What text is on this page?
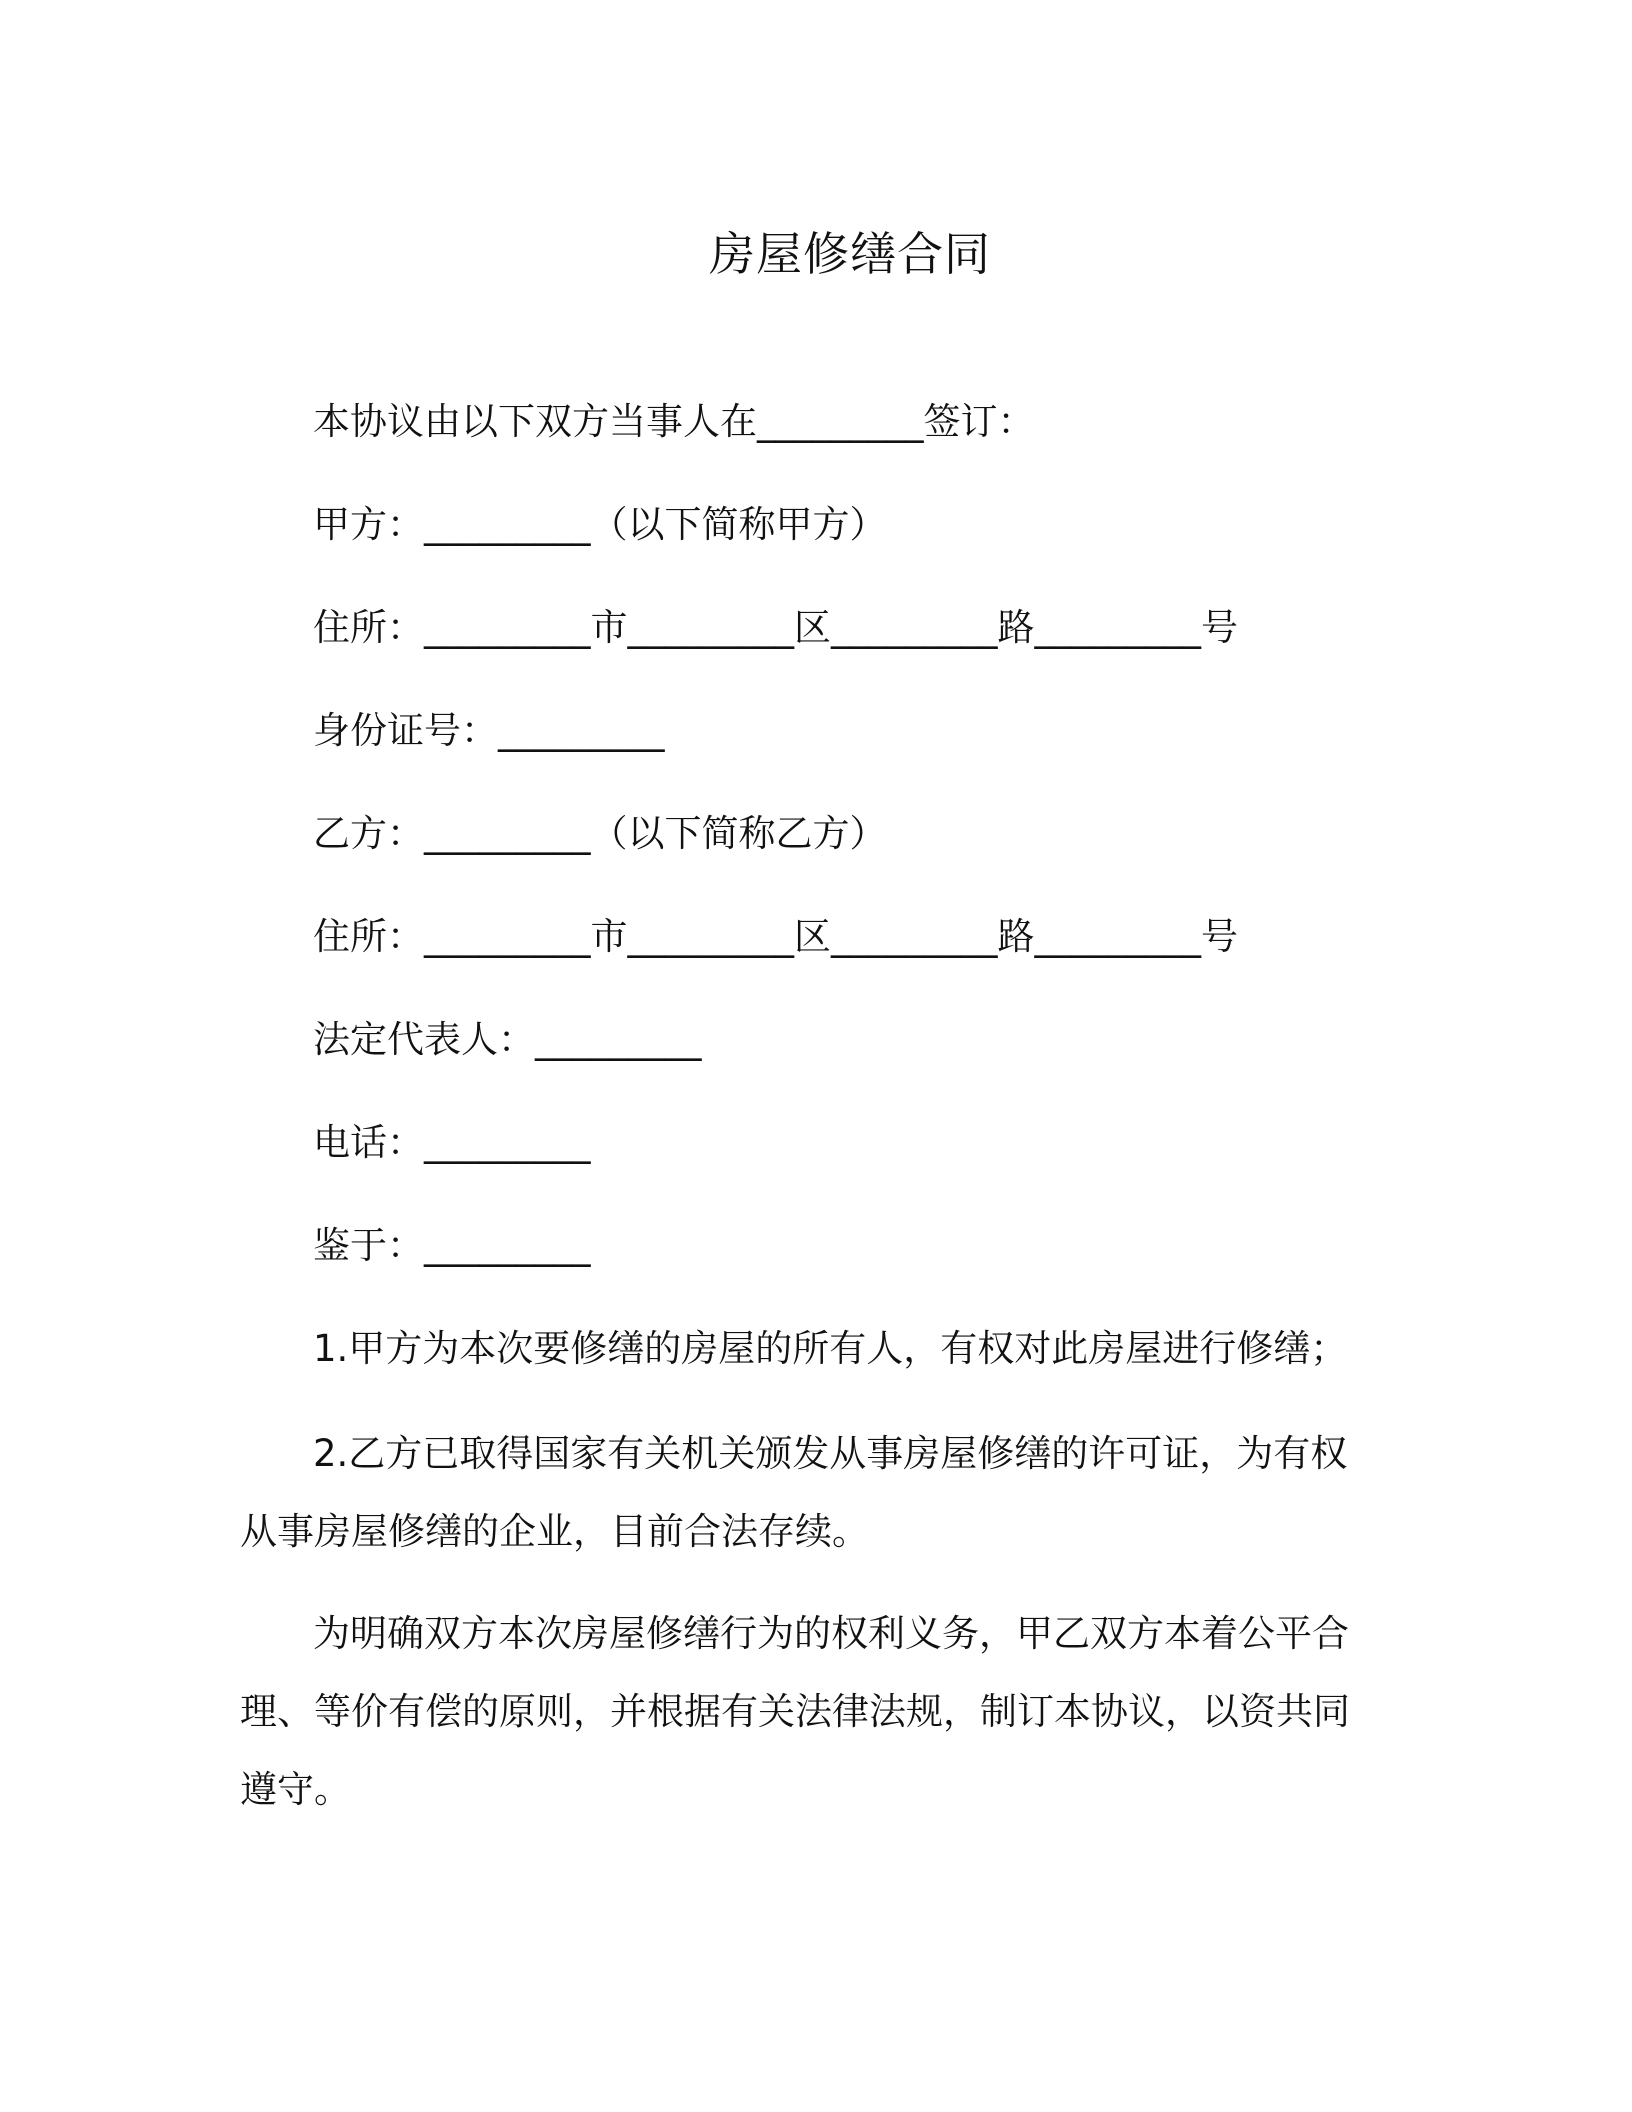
房屋修缮合同

本协议由以下双方当事人在_________签订：

甲方：_________（以下简称甲方）

住所：_________市_________区_________路_________号

身份证号：_________

乙方：_________（以下简称乙方）

住所：_________市_________区_________路_________号

法定代表人：_________

电话：_________

鉴于：_________

1.甲方为本次要修缮的房屋的所有人，有权对此房屋进行修缮；

2.乙方已取得国家有关机关颁发从事房屋修缮的许可证，为有权从事房屋修缮的企业，目前合法存续。

为明确双方本次房屋修缮行为的权利义务，甲乙双方本着公平合理、等价有偿的原则，并根据有关法律法规，制订本协议，以资共同遵守。
